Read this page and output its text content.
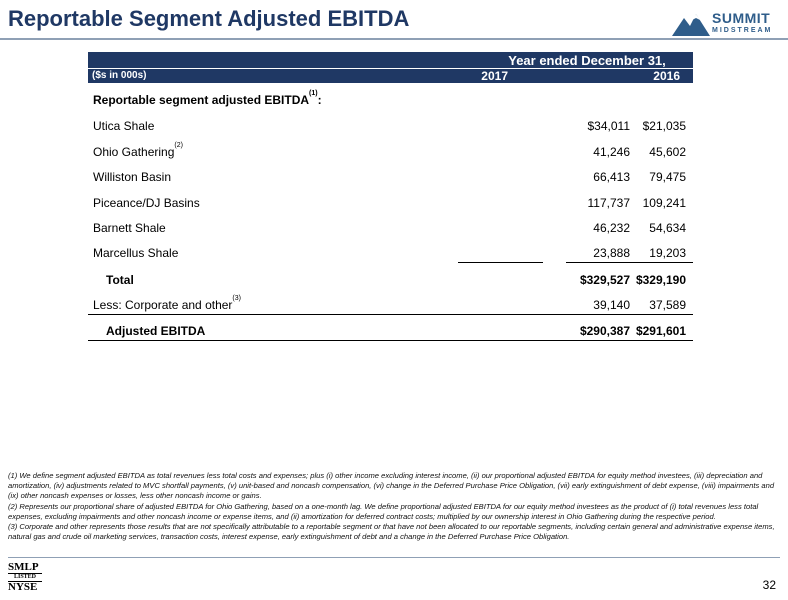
Reportable Segment Adjusted EBITDA	SUMMIT
MIDSTREAM
Year ended December 31,
($s in 000s)	2017	2016
Reportable segment adjusted EBITDA$^{(1)}$:
Utica Shale	$34,011	$21,035
Ohio Gathering$^{(2)}$	41,246	45,602
Williston Basin	66,413	79,475
Piceance/DJ Basins	117,737	109,241
Barnett Shale	46,232	54,634
Marcellus Shale	23,888	19,203
Total	$329,527 $329,190
Less: Corporate and other$^{(3)}$	39,140	37,589
Adjusted EBITDA	$290,387 $291,601

(1) We define segment adjusted EBITDA as total revenues less total costs and expenses; plus (i) other income excluding interest income, (ii) our proportional adjusted EBITDA for equity method investees, (iii) depreciation and amortization, (iv) adjustments related to MVC shortfall payments, (v) unit-based and noncash compensation, (vi) change in the Deferred Purchase Price Obligation, (vii) early extinguishment of debt expense, (viii) impairments and (ix) other noncash expenses or losses, less other noncash income or gains.

(2) Represents our proportional share of adjusted EBITDA for Ohio Gathering, based on a one-month lag. We define proportional adjusted EBITDA for our equity method investees as the product of (i) total revenues less total expenses, excluding impairments and other noncash income or expense items, and (ii) amortization for deferred contract costs; multiplied by our ownership interest in Ohio Gathering during the respective period.

(3) Corporate and other represents those results that are not specifically attributable to a reportable segment or that have not been allocated to our reportable segments, including certain general and administrative expense items, natural gas and crude oil marketing services, transaction costs, interest expense, early extinguishment of debt and a change in the Deferred Purchase Price Obligation.

SMLP
LISTED
NYSE	32
